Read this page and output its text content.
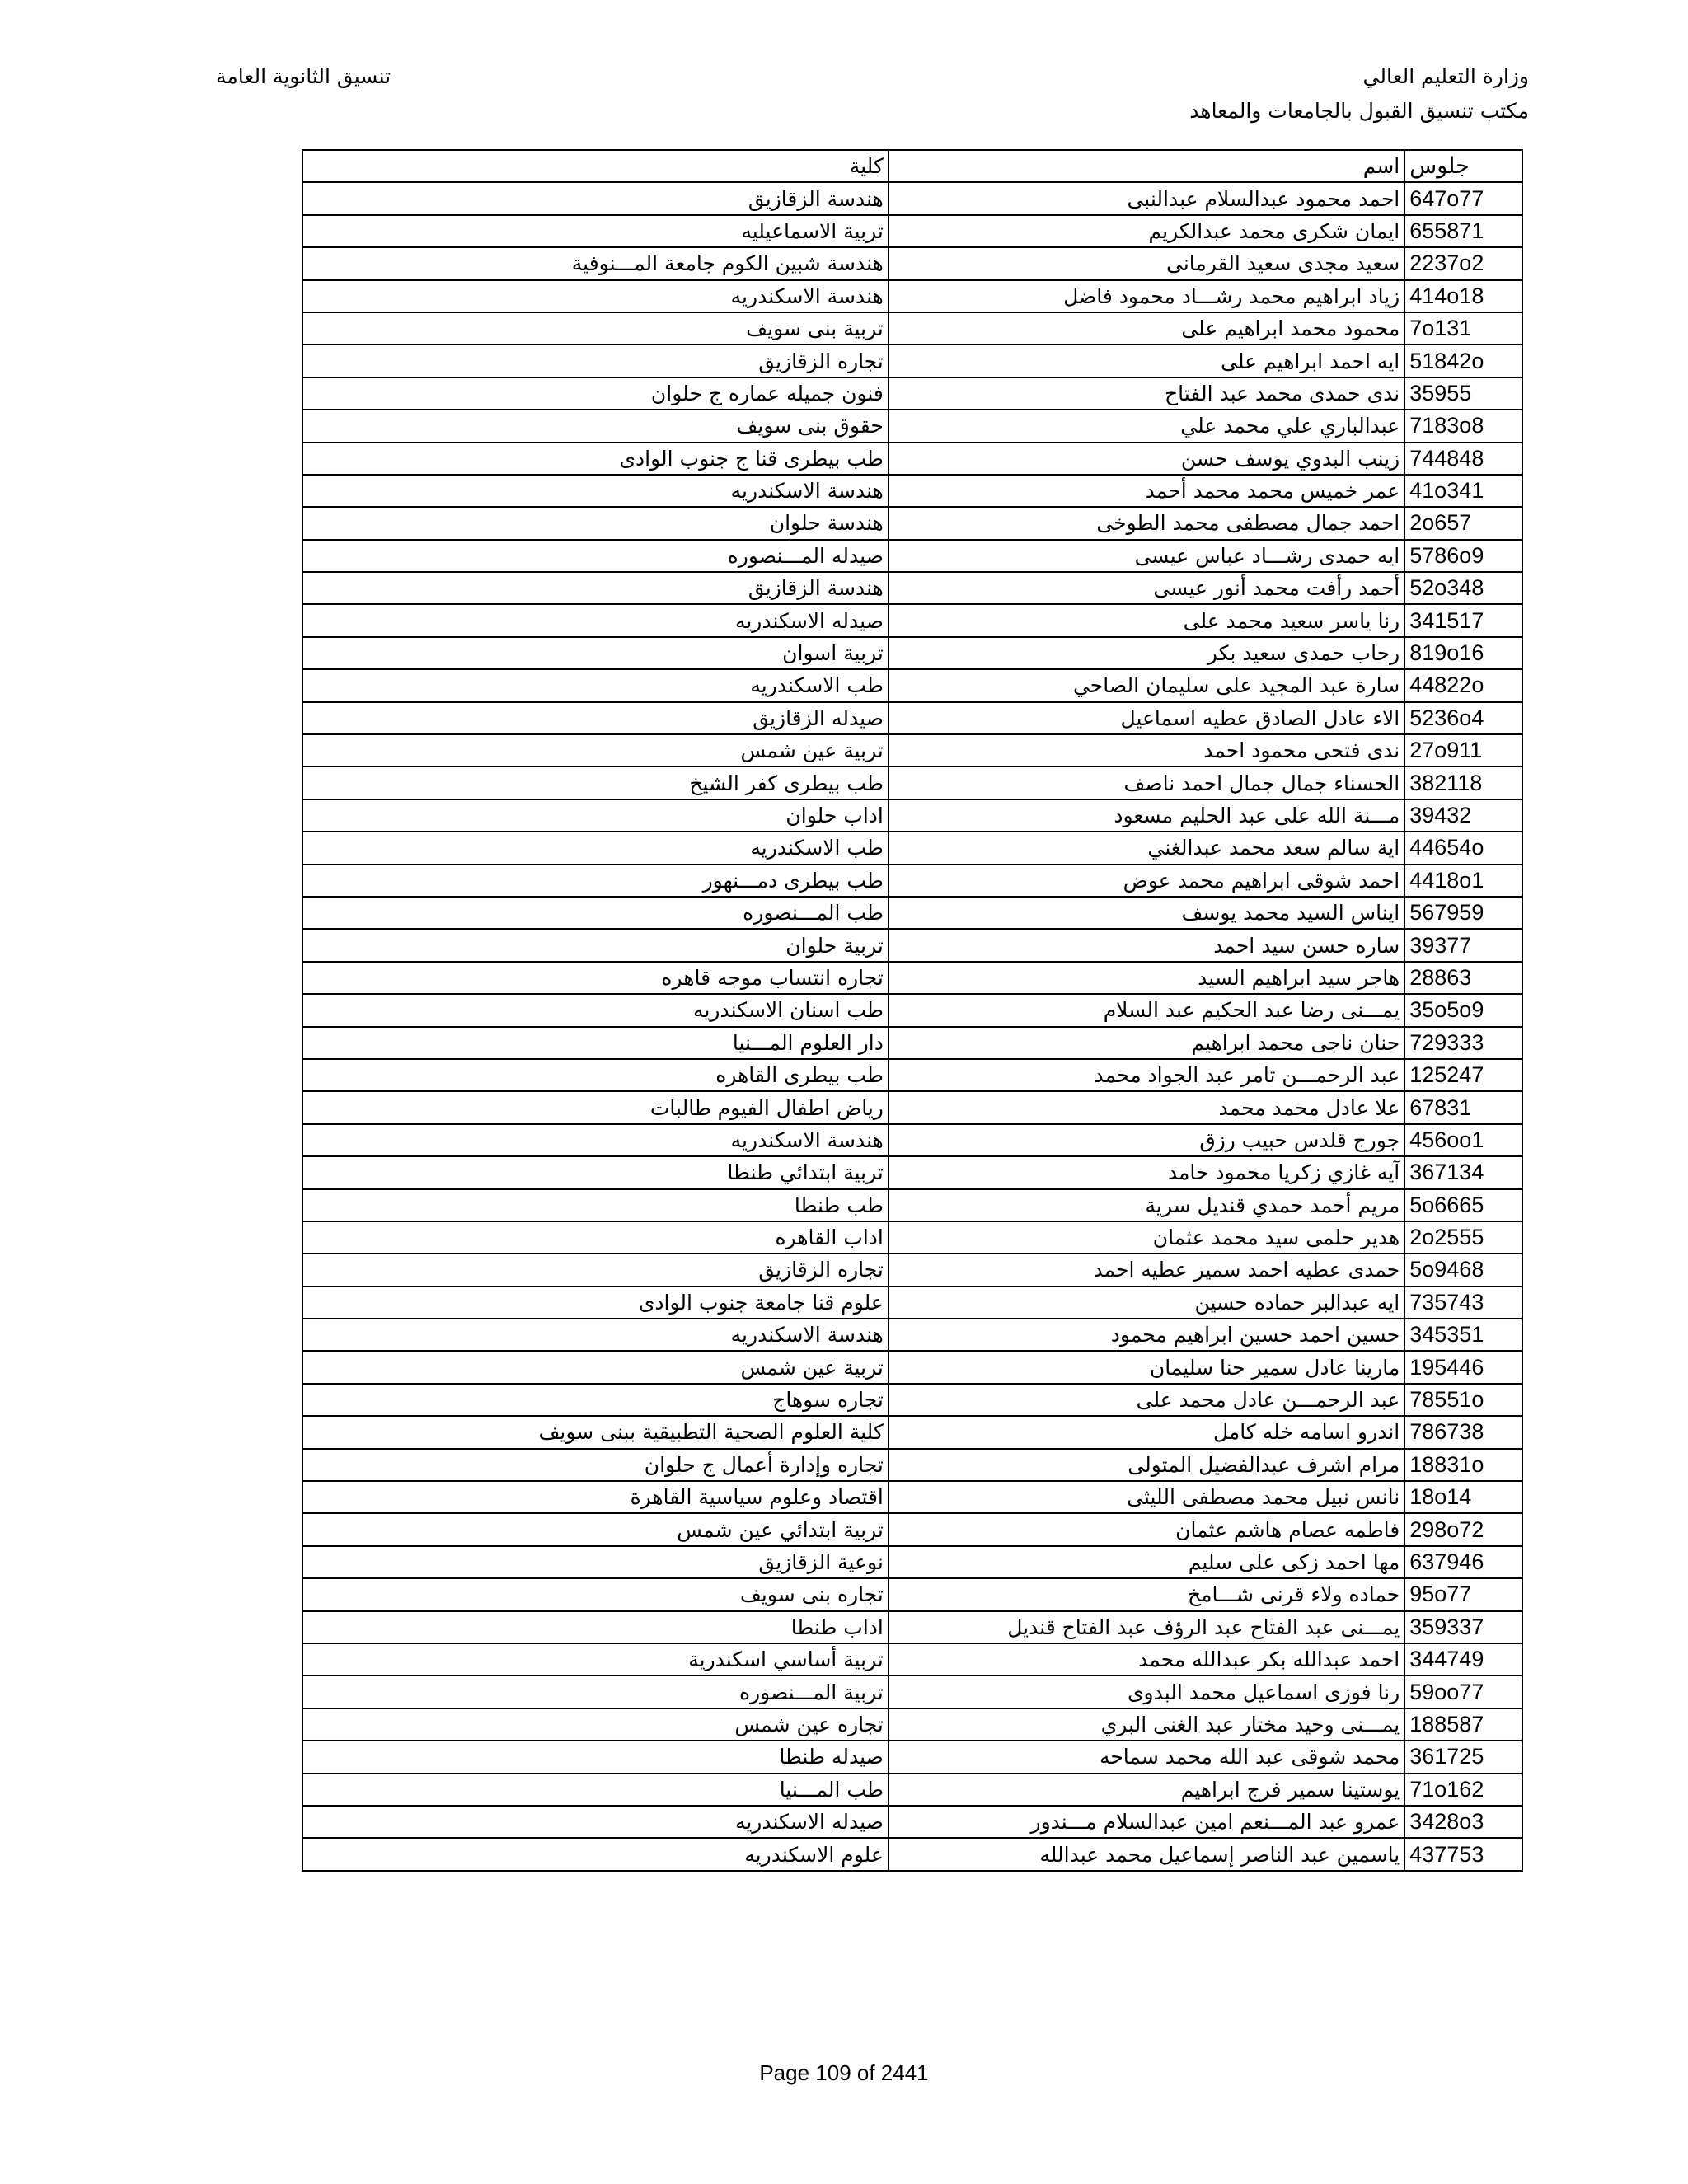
وزارة التعليم العالي
مكتب تنسيق القبول بالجامعات والمعاهد
تنسيق الثانوية العامة
جلوس	اسم	كلية
647o77	احمد محمود عبدالسلام عبدالنبى	هندسة الزقازيق
655871	ايمان شكرى محمد عبدالكريم	تربية الاسماعيليه
2237o2	سعيد مجدى سعيد القرمانى	هندسة شبين الكوم جامعة المـــنوفية
414o18	زياد ابراهيم محمد رشـــاد محمود فاضل	هندسة الاسكندريه
7o131	محمود محمد ابراهيم على	تربية بنى سويف
51842o	ايه احمد ابراهيم على	تجاره الزقازيق
35955	ندى حمدى محمد عبد الفتاح	فنون جميله عماره ج حلوان
7183o8	عبدالباري علي محمد علي	حقوق بنى سويف
744848	زينب البدوي يوسف حسن	طب بيطرى قنا ج جنوب الوادى
41o341	عمر خميس محمد محمد أحمد	هندسة الاسكندريه
2o657	احمد جمال مصطفى محمد الطوخى	هندسة حلوان
5786o9	ايه حمدى رشـــاد عباس عيسى	صيدله المـــنصوره
52o348	أحمد رأفت محمد أنور عيسى	هندسة الزقازيق
341517	رنا ياسر سعيد محمد على	صيدله الاسكندريه
819o16	رحاب حمدى سعيد بكر	تربية اسوان
44822o	سارة عبد المجيد على سليمان الصاحي	طب الاسكندريه
5236o4	الاء عادل الصادق عطيه اسماعيل	صيدله الزقازيق
27o911	ندى فتحى محمود احمد	تربية عين شمس
382118	الحسناء جمال جمال احمد ناصف	طب بيطرى كفر الشيخ
39432	مـــنة الله على عبد الحليم مسعود	اداب حلوان
44654o	اية سالم سعد محمد عبدالغني	طب الاسكندريه
4418o1	احمد شوقى ابراهيم محمد عوض	طب بيطرى دمـــنهور
567959	ايناس السيد محمد يوسف	طب المـــنصوره
39377	ساره حسن سيد احمد	تربية حلوان
28863	هاجر سيد ابراهيم السيد	تجاره انتساب موجه قاهره
35o5o9	يمـــنى رضا عبد الحكيم عبد السلام	طب اسنان الاسكندريه
729333	حنان ناجى محمد ابراهيم	دار العلوم المـــنيا
125247	عبد الرحمـــن تامر عبد الجواد محمد	طب بيطرى القاهره
67831	علا عادل محمد محمد	رياض اطفال الفيوم طالبات
456oo1	جورج قلدس حبيب رزق	هندسة الاسكندريه
367134	آيه غازي زكريا محمود حامد	تربية ابتدائي طنطا
5o6665	مريم أحمد حمدي قنديل سرية	طب طنطا
2o2555	هدير حلمى سيد محمد عثمان	اداب القاهره
5o9468	حمدى عطيه احمد سمير عطيه احمد	تجاره الزقازيق
735743	ايه عبدالبر حماده حسين	علوم قنا جامعة جنوب الوادى
345351	حسين احمد حسين ابراهيم محمود	هندسة الاسكندريه
195446	مارينا عادل سمير حنا سليمان	تربية عين شمس
78551o	عبد الرحمـــن عادل محمد على	تجاره سوهاج
786738	اندرو اسامه خله كامل	كلية العلوم الصحية التطبيقية ببنى سويف
18831o	مرام اشرف عبدالفضيل المتولى	تجاره وإدارة أعمال ج حلوان
18o14	نانس نبيل محمد مصطفى الليثى	اقتصاد وعلوم سياسية القاهرة
298o72	فاطمه عصام هاشم عثمان	تربية ابتدائي عين شمس
637946	مها احمد زكى على سليم	نوعية الزقازيق
95o77	حماده ولاء قرنى شـــامخ	تجاره بنى سويف
359337	يمـــنى عبد الفتاح عبد الرؤف عبد الفتاح قنديل	اداب طنطا
344749	احمد عبدالله بكر عبدالله محمد	تربية أساسي اسكندرية
59oo77	رنا فوزى اسماعيل محمد البدوى	تربية المـــنصوره
188587	يمـــنى وحيد مختار عبد الغنى البري	تجاره عين شمس
361725	محمد شوقى عبد الله محمد سماحه	صيدله طنطا
71o162	يوستينا سمير فرج ابراهيم	طب المـــنيا
3428o3	عمرو عبد المـــنعم امين عبدالسلام مـــندور	صيدله الاسكندريه
437753	ياسمين عبد الناصر إسماعيل محمد عبدالله	علوم الاسكندريه
Page 109 of 2441
